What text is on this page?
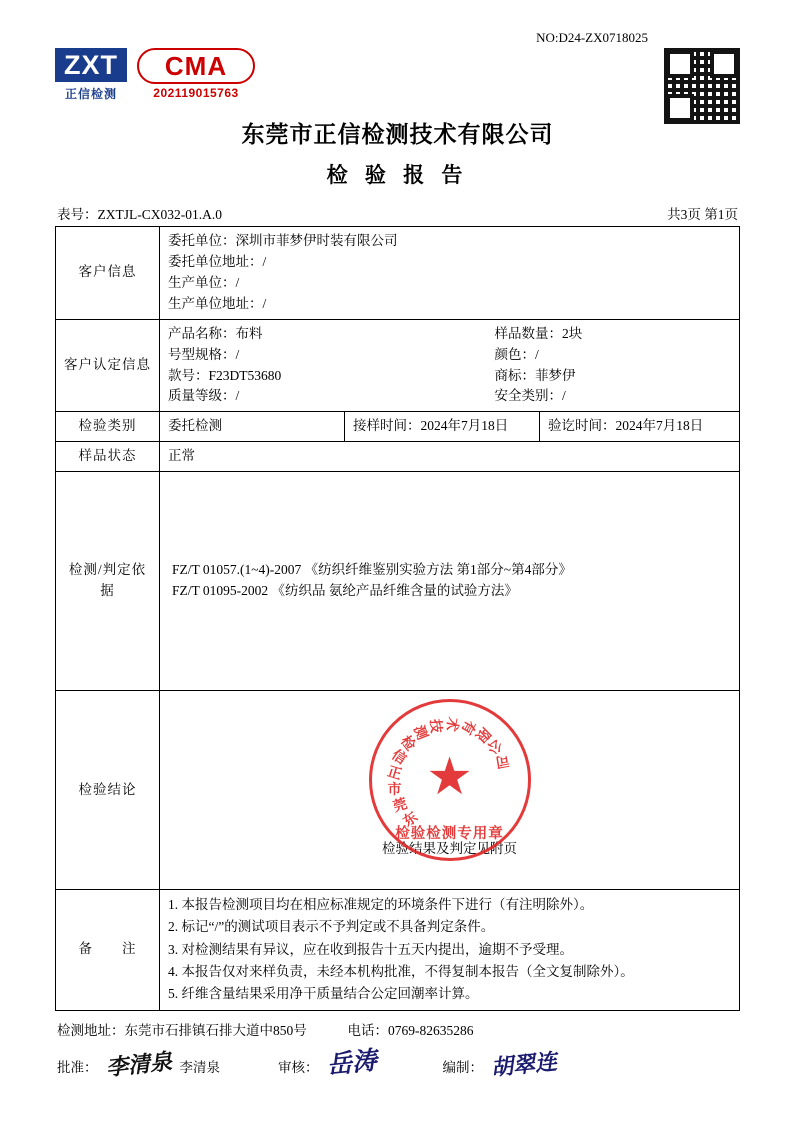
ZXT
正信检测
CMA
202119015763
NO:D24-ZX0718025
东莞市正信检测技术有限公司
检 验 报 告
表号：ZXTJL-CX032-01.A.0	共3页 第1页
客户信息	委托单位：深圳市菲梦伊时装有限公司
委托单位地址：/
生产单位：/
生产单位地址：/		

客户认定信息	
产品名称：布料	样品数量：2块
号型规格：/	颜色：/
款号：F23DT53680	商标：菲梦伊
质量等级：/	安全类别：/

检验类别	委托检测	接样时间：2024年7月18日	验讫时间：2024年7月18日
样品状态	正常		
检测/判定依据	FZ/T 01057.(1~4)-2007 《纺织纤维鉴别实验方法 第1部分~第4部分》
FZ/T 01095-2002 《纺织品 氨纶产品纤维含量的试验方法》		

检验结论	
东
莞
市
正
信
检
测
技 术
有
限
公
司
★
检验检测专用章
检验结果及判定见附页

备　　注	
1. 本报告检测项目均在相应标准规定的环境条件下进行（有注明除外）。
2. 标记“/”的测试项目表示不予判定或不具备判定条件。
3. 对检测结果有异议，应在收到报告十五天内提出，逾期不予受理。
4. 本报告仅对来样负责，未经本机构批准，不得复制本报告（全文复制除外）。
5. 纤维含量结果采用净干质量结合公定回潮率计算。
检测地址：东莞市石排镇石排大道中850号	电话：0769-82635286
批准： 李清泉 李清泉	审核： 岳涛	编制： 胡翠连
